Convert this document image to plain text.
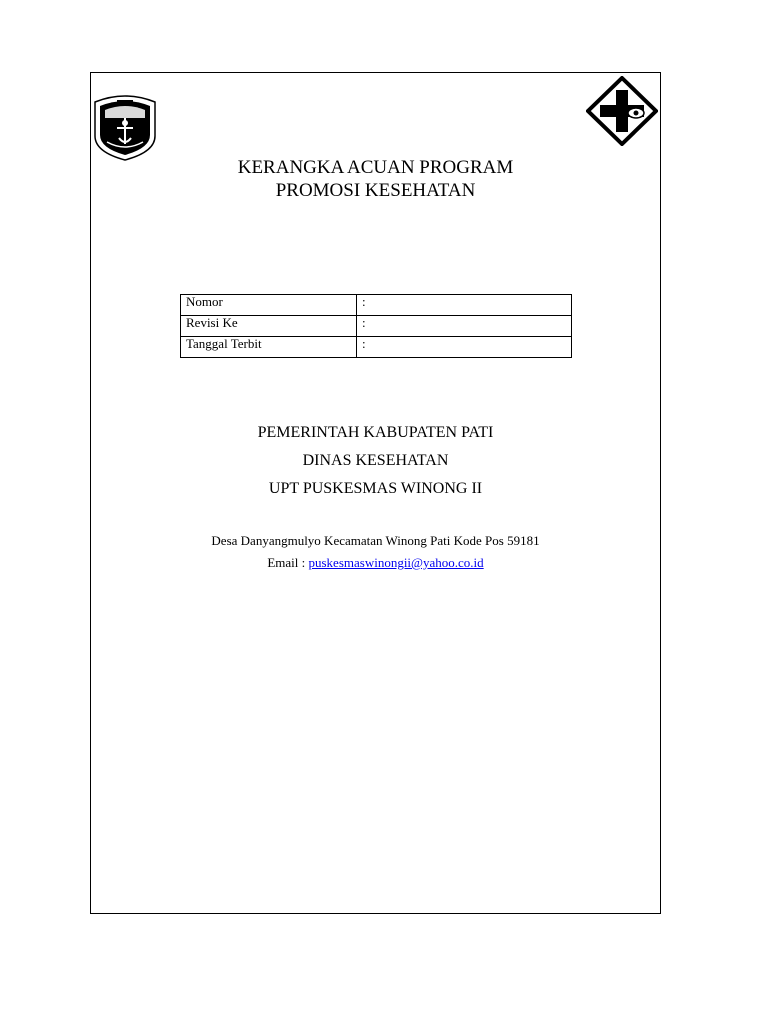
KERANGKA ACUAN PROGRAM
PROMOSI KESEHATAN
Nomor	:
Revisi Ke	:
Tanggal Terbit	:
PEMERINTAH KABUPATEN PATI
DINAS KESEHATAN
UPT PUSKESMAS WINONG II
Desa Danyangmulyo Kecamatan Winong Pati Kode Pos 59181
Email : puskesmaswinongii@yahoo.co.id
